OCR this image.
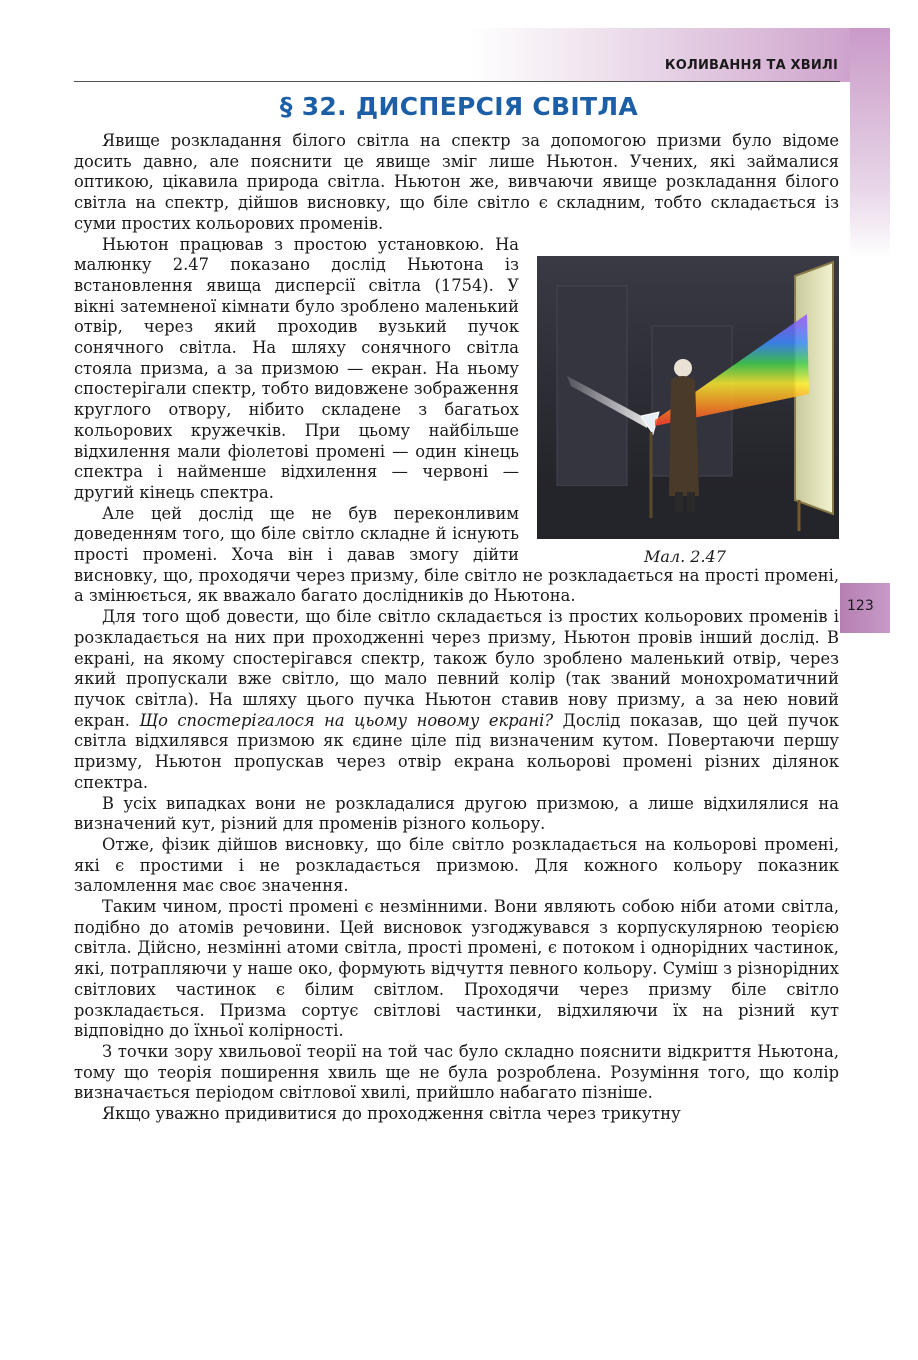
КОЛИВАННЯ ТА ХВИЛІ
§ 32. ДИСПЕРСІЯ СВІТЛА
123
Мал. 2.47

Явище розкладання білого світла на спектр за допомогою призми було відоме досить давно, але пояснити це явище зміг лише Ньютон. Учених, які займалися оптикою, цікавила природа світла. Ньютон же, вивчаючи явище розкладання білого світла на спектр, дійшов висновку, що біле світло є складним, тобто складається із суми простих кольорових променів.

Ньютон працював з простою установкою. На малюнку 2.47 показано дослід Ньютона із встановлення явища дисперсії світла (1754). У вікні затемненої кімнати було зроблено маленький отвір, через який проходив вузький пучок сонячного світла. На шляху сонячного світла стояла призма, а за призмою — екран. На ньому спостерігали спектр, тобто видовжене зображення круглого отвору, нібито складене з багатьох кольорових кружечків. При цьому найбільше відхилення мали фіолетові промені — один кінець спектра і найменше відхилення — червоні — другий кінець спектра.

Але цей дослід ще не був переконливим доведенням того, що біле світло складне й існують прості промені. Хоча він і давав змогу дійти висновку, що, проходячи через призму, біле світло не розкладається на прості промені, а змінюється, як вважало багато дослідників до Ньютона.

Для того щоб довести, що біле світло складається із простих кольорових променів і розкладається на них при проходженні через призму, Ньютон провів інший дослід. В екрані, на якому спостерігався спектр, також було зроблено маленький отвір, через який пропускали вже світло, що мало певний колір (так званий монохроматичний пучок світла). На шляху цього пучка Ньютон ставив нову призму, а за нею новий екран. Що спостерігалося на цьому новому екрані? Дослід показав, що цей пучок світла відхилявся призмою як єдине ціле під визначеним кутом. Повертаючи першу призму, Ньютон пропускав через отвір екрана кольорові промені різних ділянок спектра.

В усіх випадках вони не розкладалися другою призмою, а лише відхилялися на визначений кут, різний для променів різного кольору.

Отже, фізик дійшов висновку, що біле світло розкладається на кольорові промені, які є простими і не розкладається призмою. Для кожного кольору показник заломлення має своє значення.

Таким чином, прості промені є незмінними. Вони являють собою ніби атоми світла, подібно до атомів речовини. Цей висновок узгоджувався з корпускулярною теорією світла. Дійсно, незмінні атоми світла, прості промені, є потоком і однорідних частинок, які, потрапляючи у наше око, формують відчуття певного кольору. Суміш з різнорідних світлових частинок є білим світлом. Проходячи через призму біле світло розкладається. Призма сортує світлові частинки, відхиляючи їх на різний кут відповідно до їхньої колірності.

З точки зору хвильової теорії на той час було складно пояснити відкриття Ньютона, тому що теорія поширення хвиль ще не була розроблена. Розуміння того, що колір визначається періодом світлової хвилі, прийшло набагато пізніше.

Якщо уважно придивитися до проходження світла через трикутну
